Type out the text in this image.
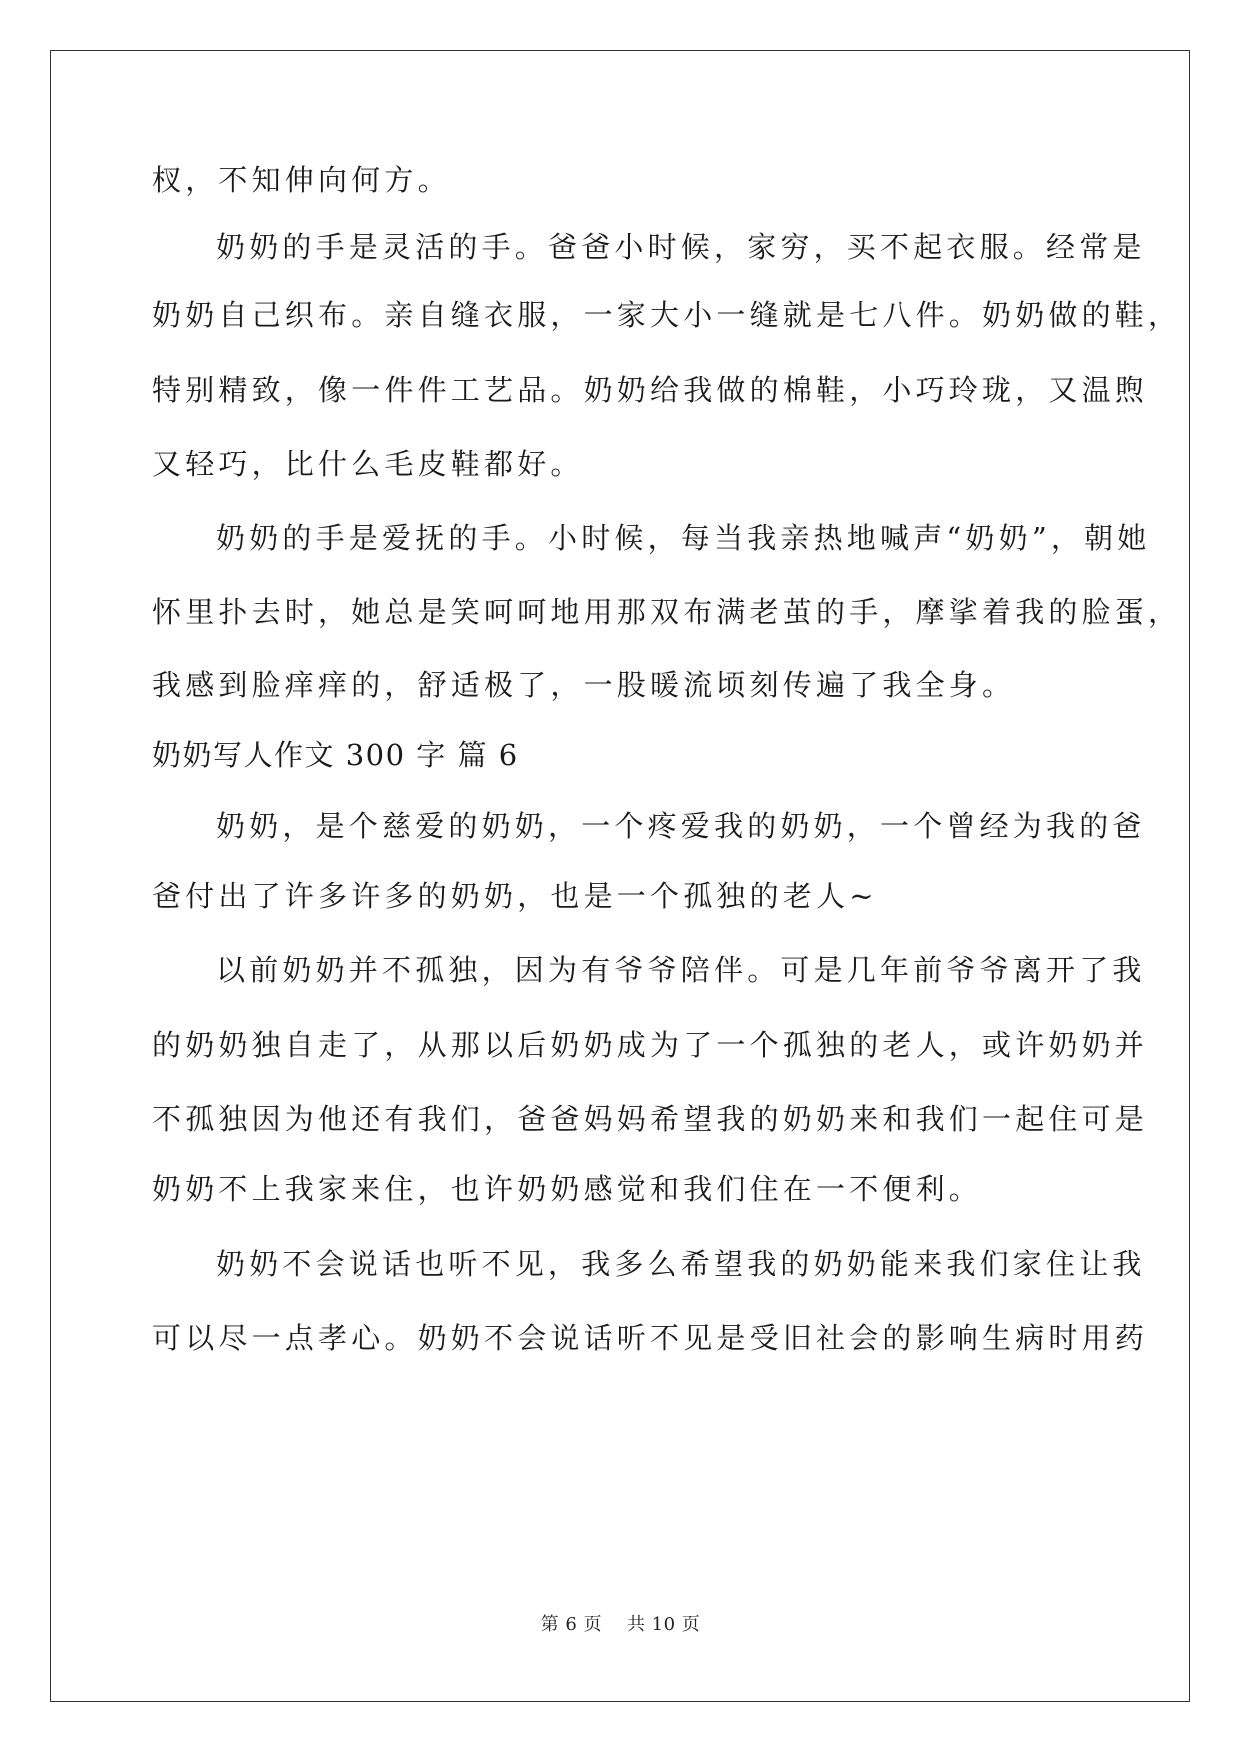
杈，不知伸向何方。
奶奶的手是灵活的手。爸爸小时候，家穷，买不起衣服。经常是
奶奶自己织布。亲自缝衣服，一家大小一缝就是七八件。奶奶做的鞋，
特别精致，像一件件工艺品。奶奶给我做的棉鞋，小巧玲珑，又温煦
又轻巧，比什么毛皮鞋都好。
奶奶的手是爱抚的手。小时候，每当我亲热地喊声“奶奶”，朝她
怀里扑去时，她总是笑呵呵地用那双布满老茧的手，摩挲着我的脸蛋，
我感到脸痒痒的，舒适极了，一股暖流顷刻传遍了我全身。
奶奶写人作文 300 字 篇 6
奶奶，是个慈爱的奶奶，一个疼爱我的奶奶，一个曾经为我的爸
爸付出了许多许多的奶奶，也是一个孤独的老人~
以前奶奶并不孤独，因为有爷爷陪伴。可是几年前爷爷离开了我
的奶奶独自走了，从那以后奶奶成为了一个孤独的老人，或许奶奶并
不孤独因为他还有我们，爸爸妈妈希望我的奶奶来和我们一起住可是
奶奶不上我家来住，也许奶奶感觉和我们住在一不便利。
奶奶不会说话也听不见，我多么希望我的奶奶能来我们家住让我
可以尽一点孝心。奶奶不会说话听不见是受旧社会的影响生病时用药
第 6 页    共 10 页
